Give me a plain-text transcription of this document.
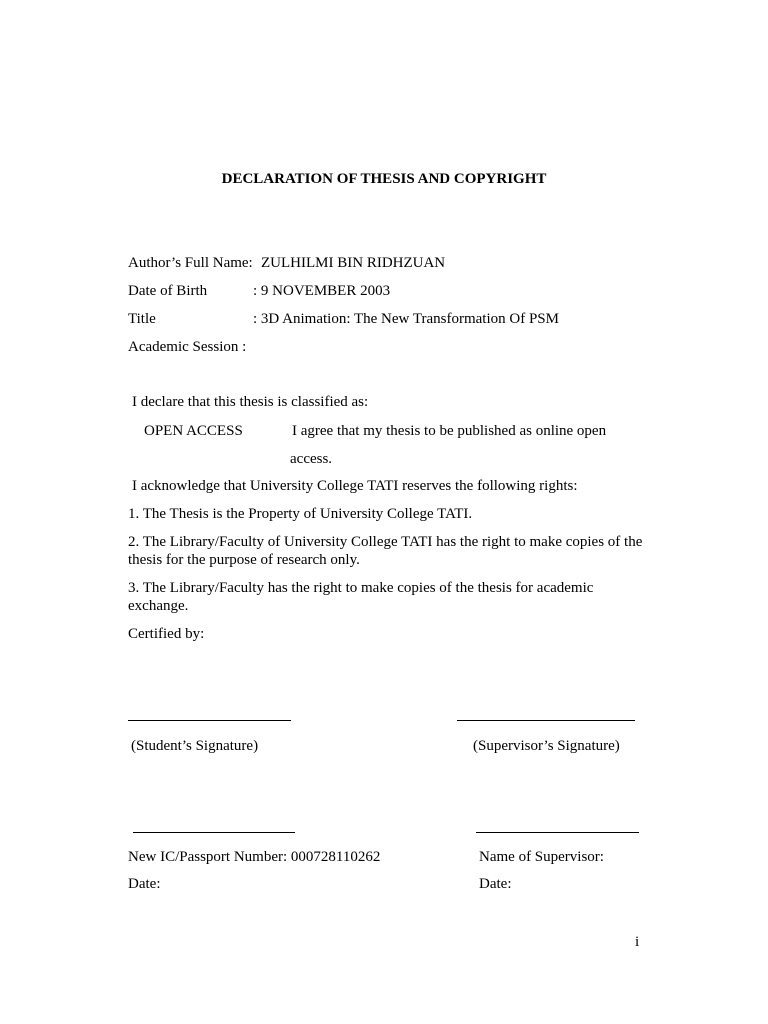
DECLARATION OF THESIS AND COPYRIGHT
Author’s Full Name: ZULHILMI BIN RIDHZUAN
Date of Birth	: 9 NOVEMBER 2003
Title	: 3D Animation: The New Transformation Of PSM
Academic Session :
I declare that this thesis is classified as:
OPEN ACCESS	I agree that my thesis to be published as online open
access.
I acknowledge that University College TATI reserves the following rights:
1. The Thesis is the Property of University College TATI.
2. The Library/Faculty of University College TATI has the right to make copies of the thesis for the purpose of research only.
3. The Library/Faculty has the right to make copies of the thesis for academic exchange.
Certified by:
(Student’s Signature)	(Supervisor’s Signature)
New IC/Passport Number: 000728110262	Name of Supervisor:
Date:	Date:
i
